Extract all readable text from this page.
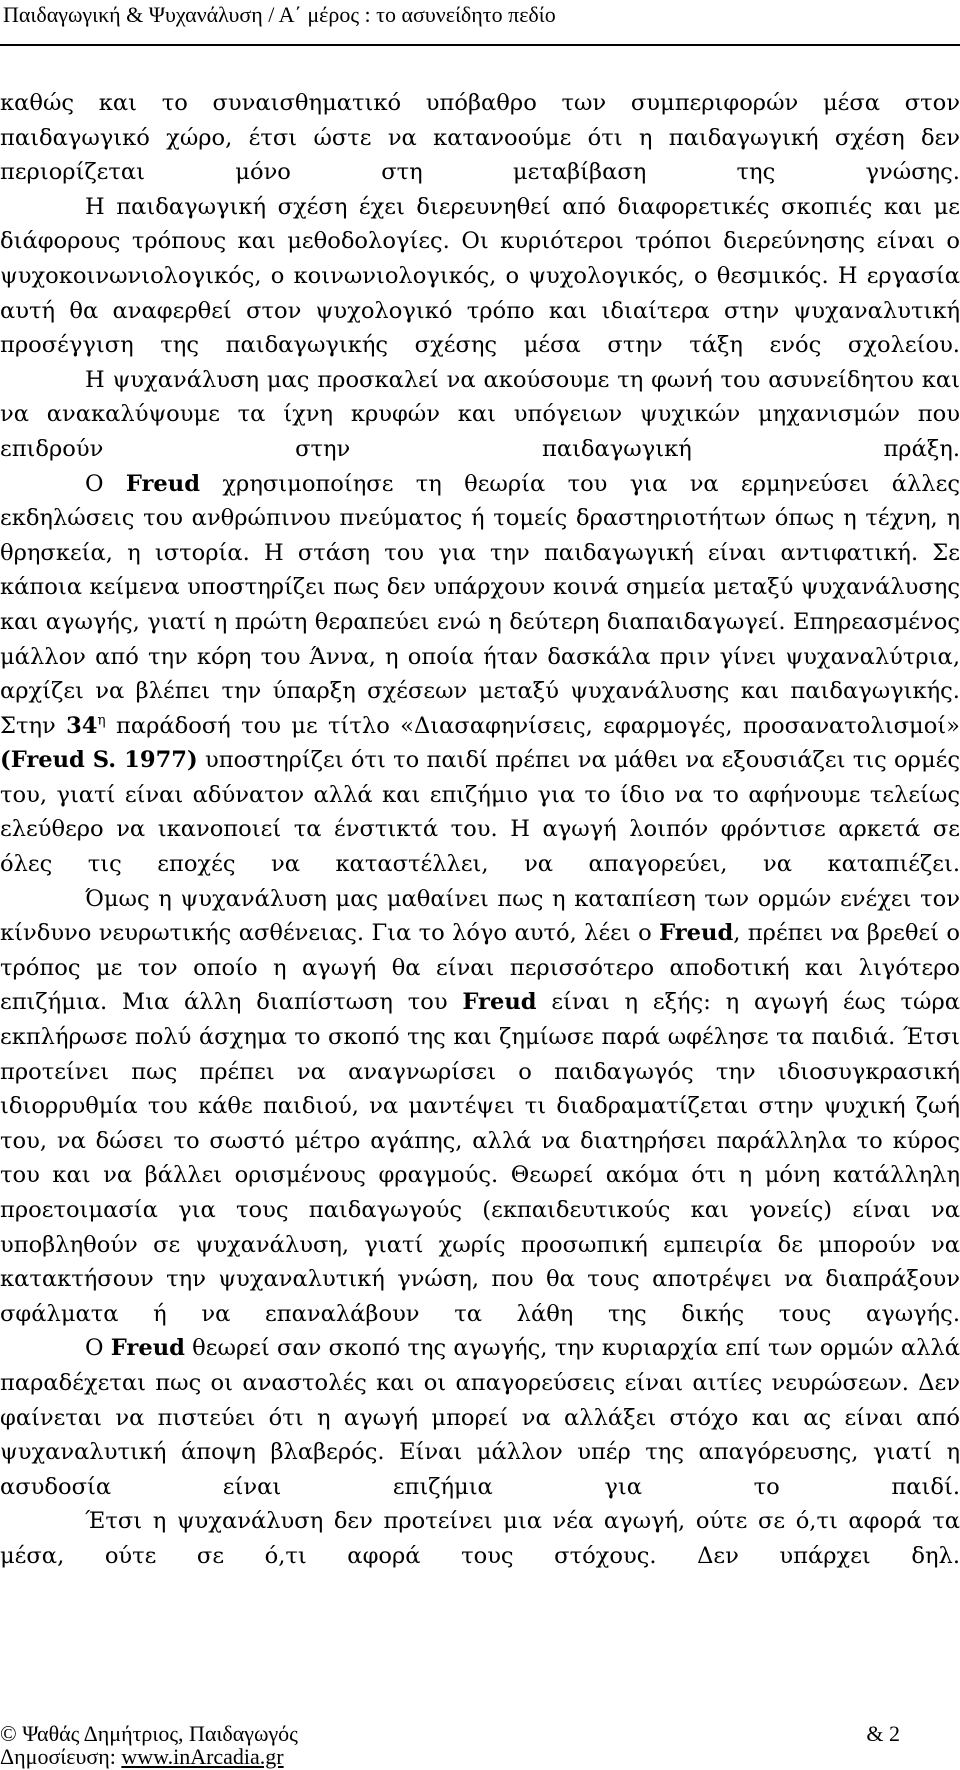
Παιδαγωγική & Ψυχανάλυση / Α΄ μέρος : το ασυνείδητο πεδίο

καθώς και το συναισθηματικό υπόβαθρο των συμπεριφορών μέσα στον παιδαγωγικό χώρο, έτσι ώστε να κατανοούμε ότι η παιδαγωγική σχέση δεν περιορίζεται μόνο στη μεταβίβαση της γνώσης.

Η παιδαγωγική σχέση έχει διερευνηθεί από διαφορετικές σκοπιές και με διάφορους τρόπους και μεθοδολογίες. Οι κυριότεροι τρόποι διερεύνησης είναι ο ψυχοκοινωνιολογικός, ο κοινωνιολογικός, ο ψυχολογικός, ο θεσμικός. Η εργασία αυτή θα αναφερθεί στον ψυχολογικό τρόπο και ιδιαίτερα στην ψυχαναλυτική προσέγγιση της παιδαγωγικής σχέσης μέσα στην τάξη ενός σχολείου.

Η ψυχανάλυση μας προσκαλεί να ακούσουμε τη φωνή του ασυνείδητου και να ανακαλύψουμε τα ίχνη κρυφών και υπόγειων ψυχικών μηχανισμών που επιδρούν στην παιδαγωγική πράξη.

Ο Freud χρησιμοποίησε τη θεωρία του για να ερμηνεύσει άλλες εκδηλώσεις του ανθρώπινου πνεύματος ή τομείς δραστηριοτήτων όπως η τέχνη, η θρησκεία, η ιστορία. Η στάση του για την παιδαγωγική είναι αντιφατική. Σε κάποια κείμενα υποστηρίζει πως δεν υπάρχουν κοινά σημεία μεταξύ ψυχανάλυσης και αγωγής, γιατί η πρώτη θεραπεύει ενώ η δεύτερη διαπαιδαγωγεί. Επηρεασμένος μάλλον από την κόρη του Άννα, η οποία ήταν δασκάλα πριν γίνει ψυχαναλύτρια, αρχίζει να βλέπει την ύπαρξη σχέσεων μεταξύ ψυχανάλυσης και παιδαγωγικής.

Στην $34^\eta$ παράδοσή του με τίτλο «Διασαφηνίσεις, εφαρμογές, προσανατολισμοί» (Freud S. 1977) υποστηρίζει ότι το παιδί πρέπει να μάθει να εξουσιάζει τις ορμές του, γιατί είναι αδύνατον αλλά και επιζήμιο για το ίδιο να το αφήνουμε τελείως ελεύθερο να ικανοποιεί τα ένστικτά του. Η αγωγή λοιπόν φρόντισε αρκετά σε όλες τις εποχές να καταστέλλει, να απαγορεύει, να καταπιέζει.

Όμως η ψυχανάλυση μας μαθαίνει πως η καταπίεση των ορμών ενέχει τον κίνδυνο νευρωτικής ασθένειας. Για το λόγο αυτό, λέει ο Freud, πρέπει να βρεθεί ο τρόπος με τον οποίο η αγωγή θα είναι περισσότερο αποδοτική και λιγότερο επιζήμια. Μια άλλη διαπίστωση του Freud είναι η εξής: η αγωγή έως τώρα εκπλήρωσε πολύ άσχημα το σκοπό της και ζημίωσε παρά ωφέλησε τα παιδιά. Έτσι προτείνει πως πρέπει να αναγνωρίσει ο παιδαγωγός την ιδιοσυγκρασική ιδιορρυθμία του κάθε παιδιού, να μαντέψει τι διαδραματίζεται στην ψυχική ζωή του, να δώσει το σωστό μέτρο αγάπης, αλλά να διατηρήσει παράλληλα το κύρος του και να βάλλει ορισμένους φραγμούς. Θεωρεί ακόμα ότι η μόνη κατάλληλη προετοιμασία για τους παιδαγωγούς (εκπαιδευτικούς και γονείς) είναι να υποβληθούν σε ψυχανάλυση, γιατί χωρίς προσωπική εμπειρία δε μπορούν να κατακτήσουν την ψυχαναλυτική γνώση, που θα τους αποτρέψει να διαπράξουν σφάλματα ή να επαναλάβουν τα λάθη της δικής τους αγωγής.

Ο Freud θεωρεί σαν σκοπό της αγωγής, την κυριαρχία επί των ορμών αλλά παραδέχεται πως οι αναστολές και οι απαγορεύσεις είναι αιτίες νευρώσεων. Δεν φαίνεται να πιστεύει ότι η αγωγή μπορεί να αλλάξει στόχο και ας είναι από ψυχαναλυτική άποψη βλαβερός. Είναι μάλλον υπέρ της απαγόρευσης, γιατί η ασυδοσία είναι επιζήμια για το παιδί.

Έτσι η ψυχανάλυση δεν προτείνει μια νέα αγωγή, ούτε σε ό,τι αφορά τα μέσα, ούτε σε ό,τι αφορά τους στόχους. Δεν υπάρχει δηλ.

© Ψαθάς Δημήτριος, Παιδαγωγός	& 2
Δημοσίευση: www.inArcadia.gr
